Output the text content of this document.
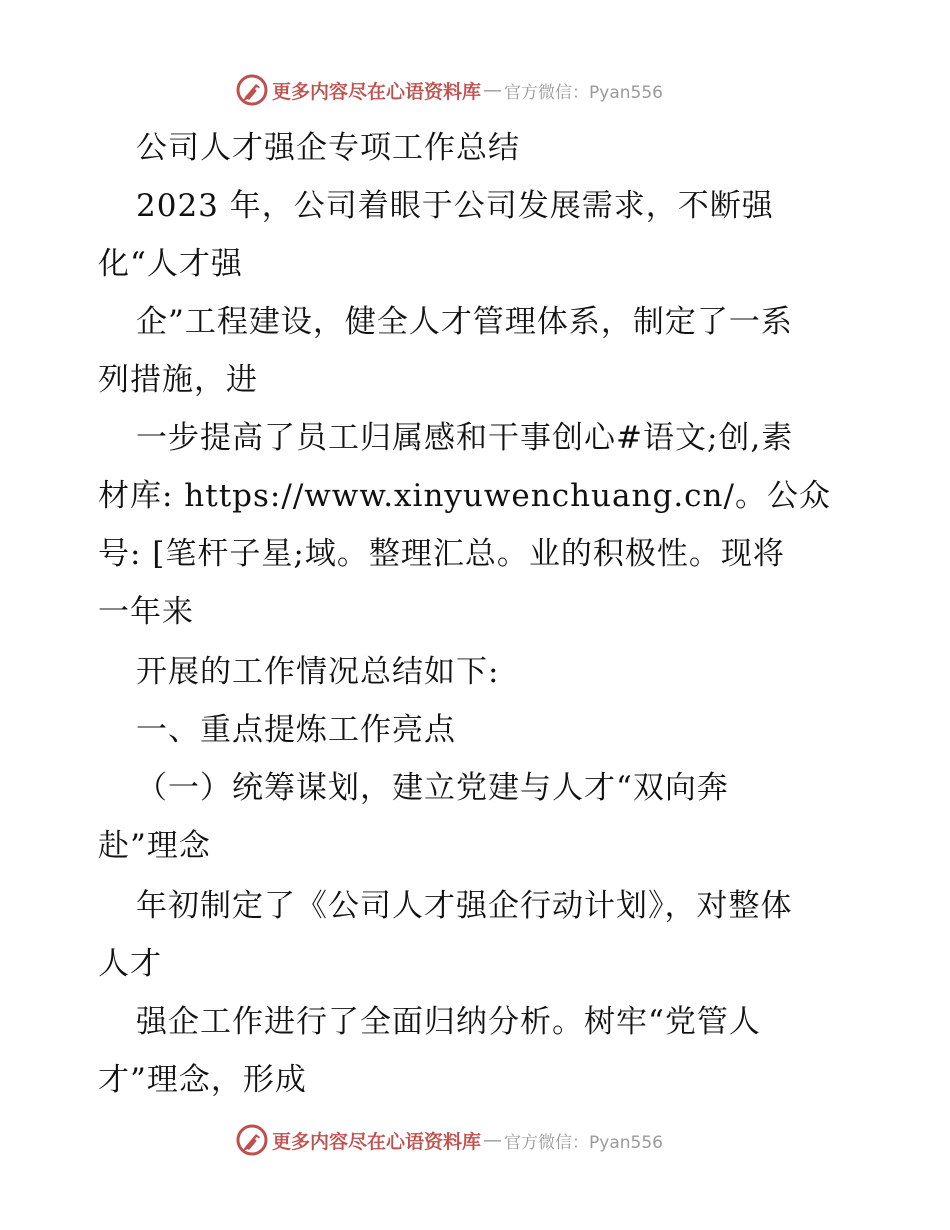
更多内容尽在心语资料库 — 官方微信：Pyan556
公司人才强企专项工作总结
2023 年，公司着眼于公司发展需求，不断强
化“人才强
企”工程建设，健全人才管理体系，制定了一系
列措施，进
一步提高了员工归属感和干事创心#语文;创,素
材库: https://www.xinyuwenchuang.cn/。公众
号: [笔杆子星;域。整理汇总。业的积极性。现将
一年来
开展的工作情况总结如下:
一、重点提炼工作亮点
（一）统筹谋划，建立党建与人才“双向奔
赴”理念
年初制定了《公司人才强企行动计划》，对整体
人才
强企工作进行了全面归纳分析。树牢“党管人
才”理念，形成
更多内容尽在心语资料库 — 官方微信：Pyan556
